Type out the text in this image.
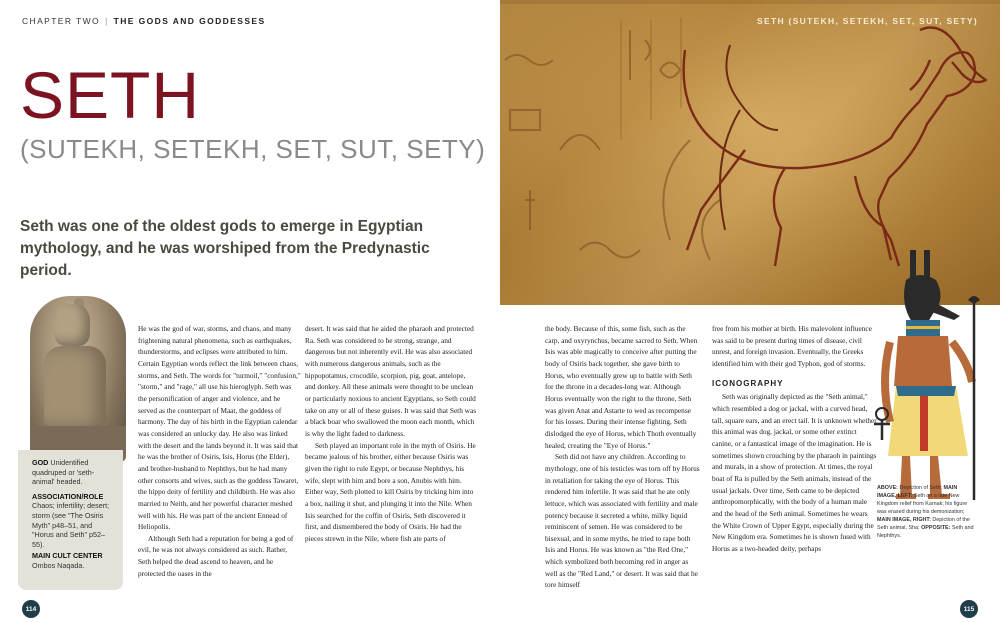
CHAPTER TWO | THE GODS AND GODDESSES
SETH
(SUTEKH, SETEKH, SET, SUT, SETY)
Seth was one of the oldest gods to emerge in Egyptian mythology, and he was worshiped from the Predynastic period.
GOD Unidentified quadruped or 'seth-animal' headed.
ASSOCIATION/ROLE
Chaos; infertility; desert; storm (see "The Osiris Myth" p48–51, and "Horus and Seth" p52–55).
MAIN CULT CENTER
Ombos Naqada.

He was the god of war, storms, and chaos, and many frightening natural phenomena, such as earthquakes, thunderstorms, and eclipses were attributed to him. Certain Egyptian words reflect the link between chaos, storms, and Seth. The words for "turmoil," "confusion," "storm," and "rage," all use his hieroglyph. Seth was the personification of anger and violence, and he served as the counterpart of Maat, the goddess of harmony. The day of his birth in the Egyptian calendar was considered an unlucky day. He also was linked with the desert and the lands beyond it. It was said that he was the brother of Osiris, Isis, Horus (the Elder), and brother-husband to Nephthys, but he had many other consorts and wives, such as the goddess Tawaret, the hippo deity of fertility and childbirth. He was also married to Neith, and her powerful character meshed well with his. He was part of the ancient Ennead of Heliopolis.

Although Seth had a reputation for being a god of evil, he was not always considered as such. Rather, Seth helped the dead ascend to heaven, and he protected the oases in the

desert. It was said that he aided the pharaoh and protected Ra. Seth was considered to be strong, strange, and dangerous but not inherently evil. He was also associated with numerous dangerous animals, such as the hippopotamus, crocodile, scorpion, pig, goat, antelope, and donkey. All these animals were thought to be unclean or particularly noxious to ancient Egyptians, so Seth could take on any or all of these guises. It was said that Seth was a black boar who swallowed the moon each month, which is why the light faded to darkness.

Seth played an important role in the myth of Osiris. He became jealous of his brother, either because Osiris was given the right to rule Egypt, or because Nephthys, his wife, slept with him and bore a son, Anubis with him. Either way, Seth plotted to kill Osiris by tricking him into a box, nailing it shut, and plunging it into the Nile. When Isis searched for the coffin of Osiris, Seth discovered it first, and dismembered the body of Osiris. He had the pieces strewn in the Nile, where fish ate parts of

114
SETH (SUTEKH, SETEKH, SET, SUT, SETY)

the body. Because of this, some fish, such as the carp, and oxyrynchus, became sacred to Seth. When Isis was able magically to conceive after putting the body of Osiris back together, she gave birth to Horus, who eventually grew up to battle with Seth for the throne in a decades-long war. Although Horus eventually won the right to the throne, Seth was given Anat and Astarte to wed as recompense for his losses. During their intense fighting, Seth dislodged the eye of Horus, which Thoth eventually healed, creating the "Eye of Horus."

Seth did not have any children. According to mythology, one of his testicles was torn off by Horus in retaliation for taking the eye of Horus. This rendered him infertile. It was said that he ate only lettuce, which was associated with fertility and male potency because it secreted a white, milky liquid reminiscent of semen. He was considered to be bisexual, and in some myths, he tried to rape both Isis and Horus. He was known as "the Red One," which symbolized both becoming red in anger as well as the "Red Land," or desert. It was said that he tore himself

free from his mother at birth. His malevolent influence was said to be present during times of disease, civil unrest, and foreign invasion. Eventually, the Greeks identified him with their god Typhon, god of storms.

ICONOGRAPHY

Seth was originally depicted as the "Seth animal," which resembled a dog or jackal, with a curved head, tall, square ears, and an erect tail. It is unknown whether this animal was dog, jackal, or some other extinct canine, or a fantastical image of the imagination. He is sometimes shown crouching by the pharaoh in paintings and murals, in a show of protection. At times, the royal boat of Ra is pulled by the Seth animals, instead of the usual jackals. Over time, Seth came to be depicted anthropomorphically, with the body of a human male and the head of the Seth animal. Sometimes he wears the White Crown of Upper Egypt, especially during the New Kingdom era. Sometimes he is shown fused with Horus as a two-headed deity, perhaps

115
ABOVE: Depiction of Seth; MAIN IMAGE, LEFT: Seth on a late New Kingdom relief from Karnak; his figure was erased during his demonization; MAIN IMAGE, RIGHT: Depiction of the Seth animal, Sha; OPPOSITE: Seth and Nephthys.
